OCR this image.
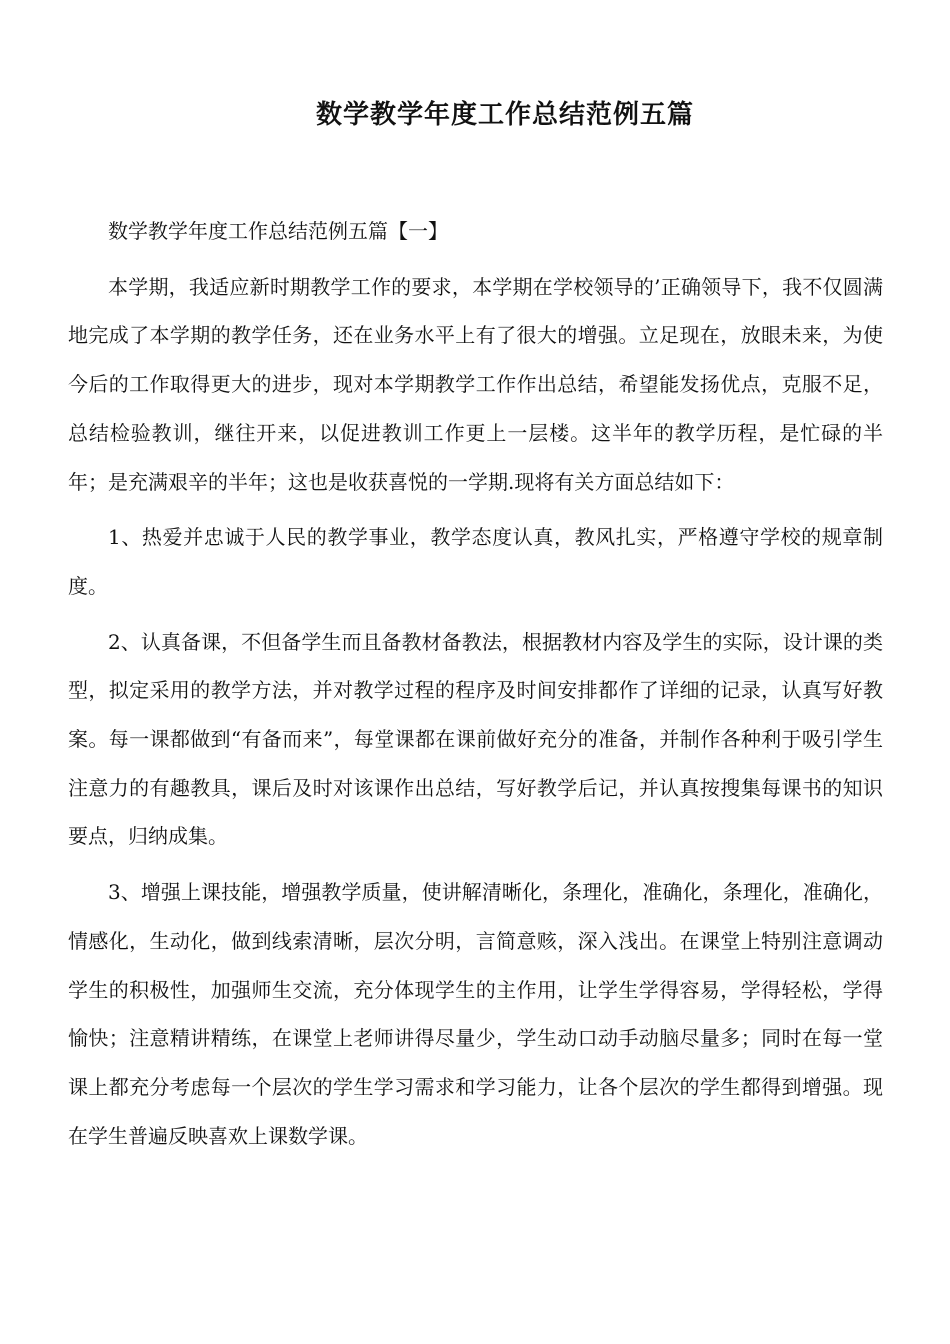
数学教学年度工作总结范例五篇

数学教学年度工作总结范例五篇【一】

本学期，我适应新时期教学工作的要求，本学期在学校领导的’正确领导下，我不仅圆满地完成了本学期的教学任务，还在业务水平上有了很大的增强。立足现在，放眼未来，为使今后的工作取得更大的进步，现对本学期教学工作作出总结，希望能发扬优点，克服不足，总结检验教训，继往开来，以促进教训工作更上一层楼。这半年的教学历程，是忙碌的半年；是充满艰辛的半年；这也是收获喜悦的一学期.现将有关方面总结如下：

1、热爱并忠诚于人民的教学事业，教学态度认真，教风扎实，严格遵守学校的规章制度。

2、认真备课，不但备学生而且备教材备教法，根据教材内容及学生的实际，设计课的类型，拟定采用的教学方法，并对教学过程的程序及时间安排都作了详细的记录，认真写好教案。每一课都做到“有备而来”，每堂课都在课前做好充分的准备，并制作各种利于吸引学生注意力的有趣教具，课后及时对该课作出总结，写好教学后记，并认真按搜集每课书的知识要点，归纳成集。

3、增强上课技能，增强教学质量，使讲解清晰化，条理化，准确化，条理化，准确化，情感化，生动化，做到线索清晰，层次分明，言简意赅，深入浅出。在课堂上特别注意调动学生的积极性，加强师生交流，充分体现学生的主作用，让学生学得容易，学得轻松，学得愉快；注意精讲精练，在课堂上老师讲得尽量少，学生动口动手动脑尽量多；同时在每一堂课上都充分考虑每一个层次的学生学习需求和学习能力，让各个层次的学生都得到增强。现在学生普遍反映喜欢上课数学课。
